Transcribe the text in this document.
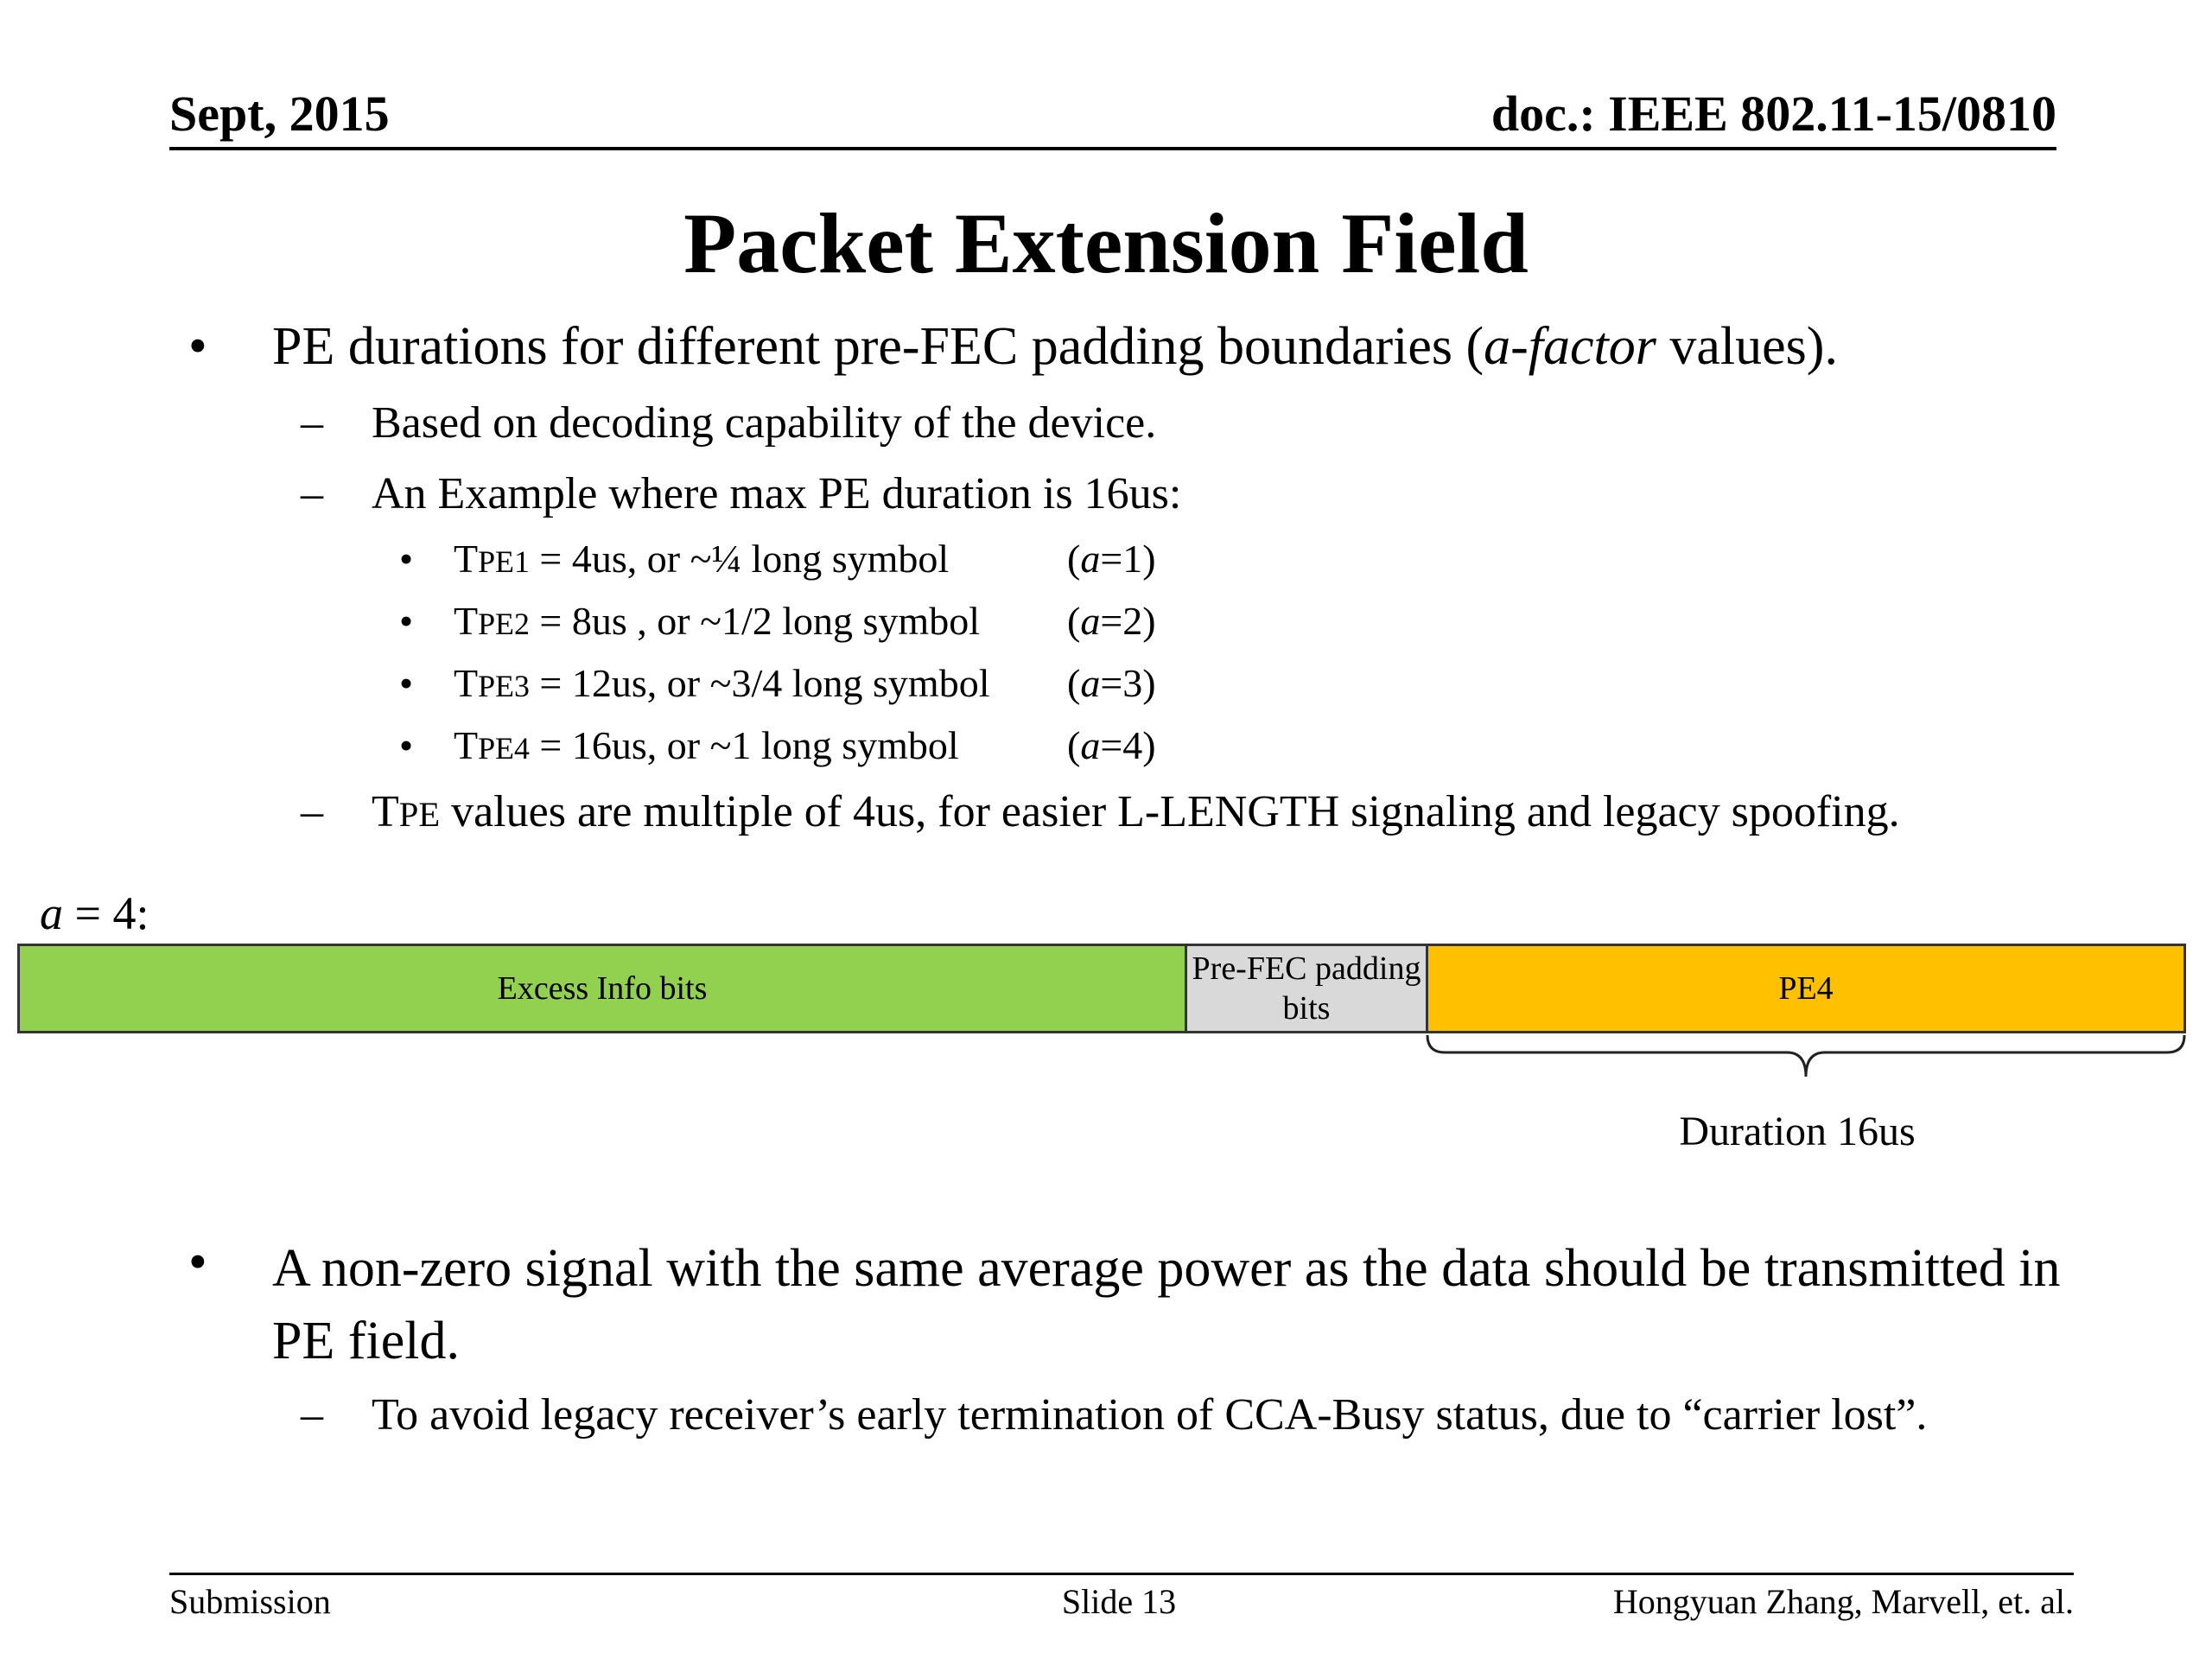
Sept, 2015	doc.: IEEE 802.11-15/0810
Packet Extension Field
• PE durations for different pre-FEC padding boundaries (a-factor values).
– Based on decoding capability of the device.
– An Example where max PE duration is 16us:
• TPE1 = 4us, or ~¼ long symbol	(a=1)
• TPE2 = 8us , or ~1/2 long symbol (a=2)
• TPE3 = 12us, or ~3/4 long symbol (a=3)
• TPE4 = 16us, or ~1 long symbol	(a=4)
– TPE values are multiple of 4us, for easier L-LENGTH signaling and legacy spoofing.
a = 4:
Excess Info bits
Pre-FEC padding bits
PE4
Duration 16us
• A non-zero signal with the same average power as the data should be transmitted in PE field.
– To avoid legacy receiver’s early termination of CCA-Busy status, due to “carrier lost”.
Submission	Slide 13	Hongyuan Zhang, Marvell, et. al.
